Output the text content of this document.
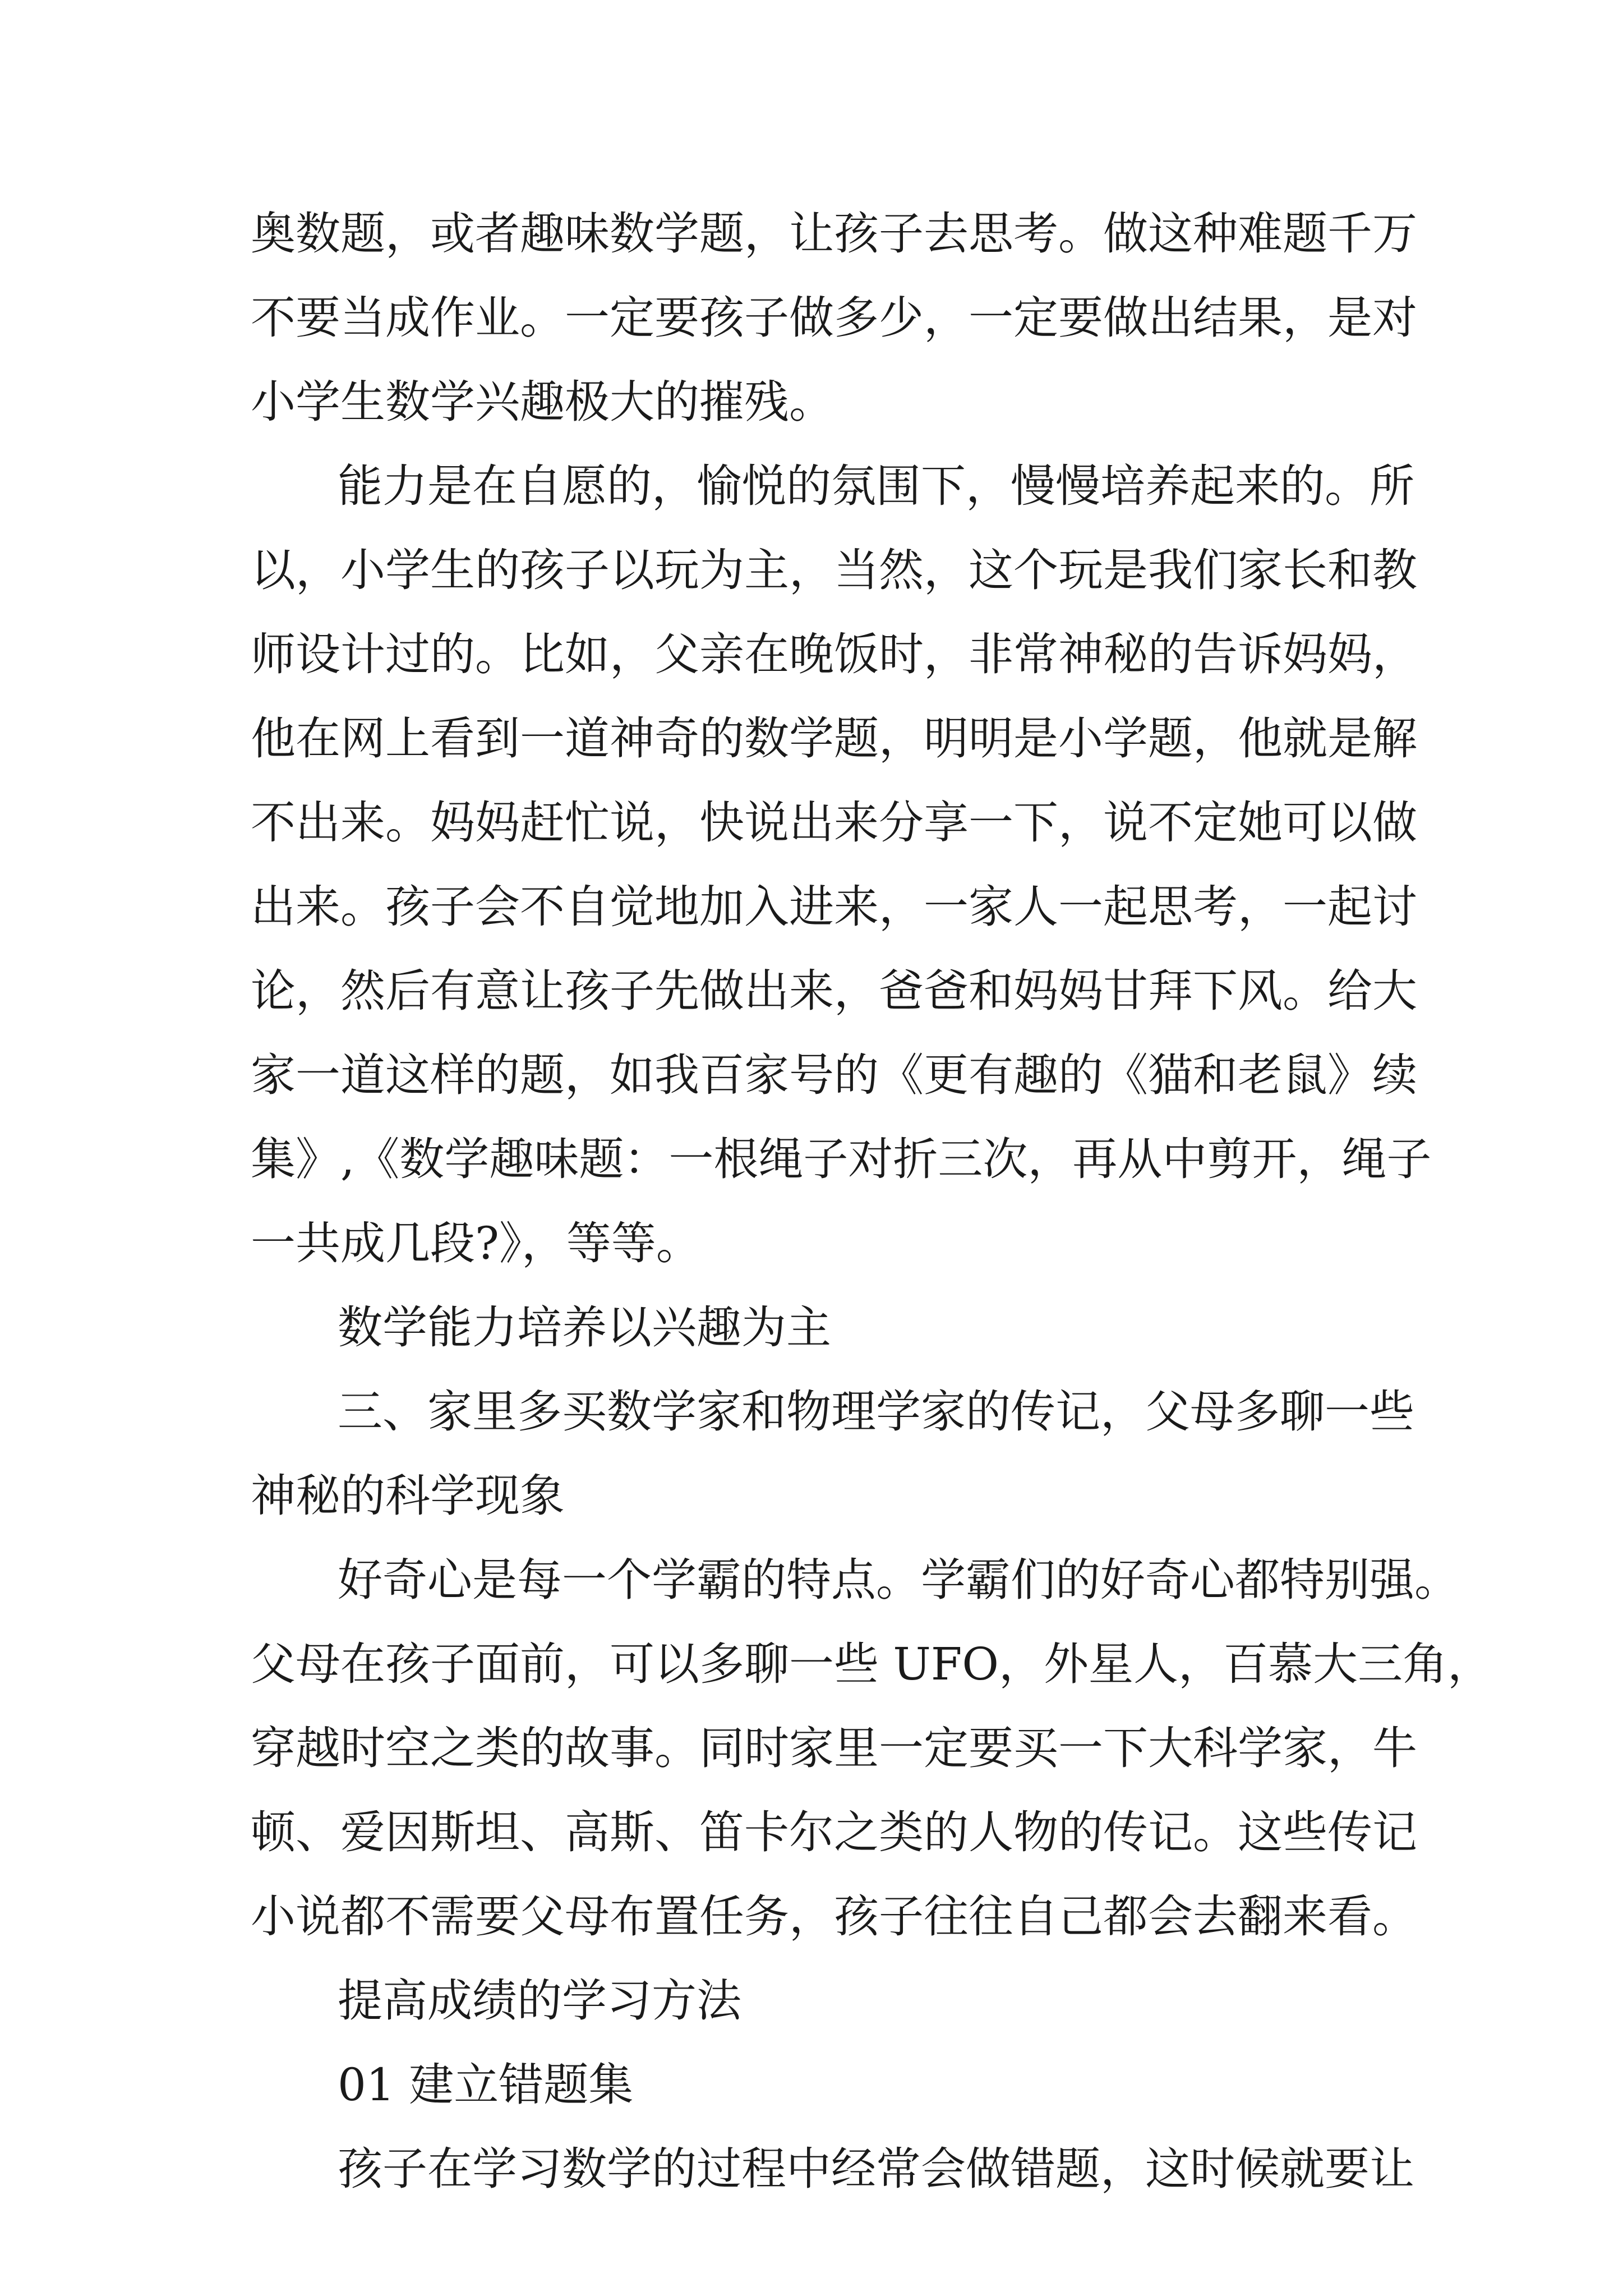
奥数题，或者趣味数学题，让孩子去思考。做这种难题千万
不要当成作业。一定要孩子做多少，一定要做出结果，是对
小学生数学兴趣极大的摧残。
能力是在自愿的，愉悦的氛围下，慢慢培养起来的。所
以，小学生的孩子以玩为主，当然，这个玩是我们家长和教
师设计过的。比如，父亲在晚饭时，非常神秘的告诉妈妈，
他在网上看到一道神奇的数学题，明明是小学题，他就是解
不出来。妈妈赶忙说，快说出来分享一下，说不定她可以做
出来。孩子会不自觉地加入进来，一家人一起思考，一起讨
论，然后有意让孩子先做出来，爸爸和妈妈甘拜下风。给大
家一道这样的题，如我百家号的《更有趣的《猫和老鼠》续
集》,《数学趣味题：一根绳子对折三次，再从中剪开，绳子
一共成几段?》，等等。
数学能力培养以兴趣为主
三、家里多买数学家和物理学家的传记，父母多聊一些
神秘的科学现象
好奇心是每一个学霸的特点。学霸们的好奇心都特别强。
父母在孩子面前，可以多聊一些 UFO，外星人，百慕大三角，
穿越时空之类的故事。同时家里一定要买一下大科学家，牛
顿、爱因斯坦、高斯、笛卡尔之类的人物的传记。这些传记
小说都不需要父母布置任务，孩子往往自己都会去翻来看。
提高成绩的学习方法
01 建立错题集
孩子在学习数学的过程中经常会做错题，这时候就要让
